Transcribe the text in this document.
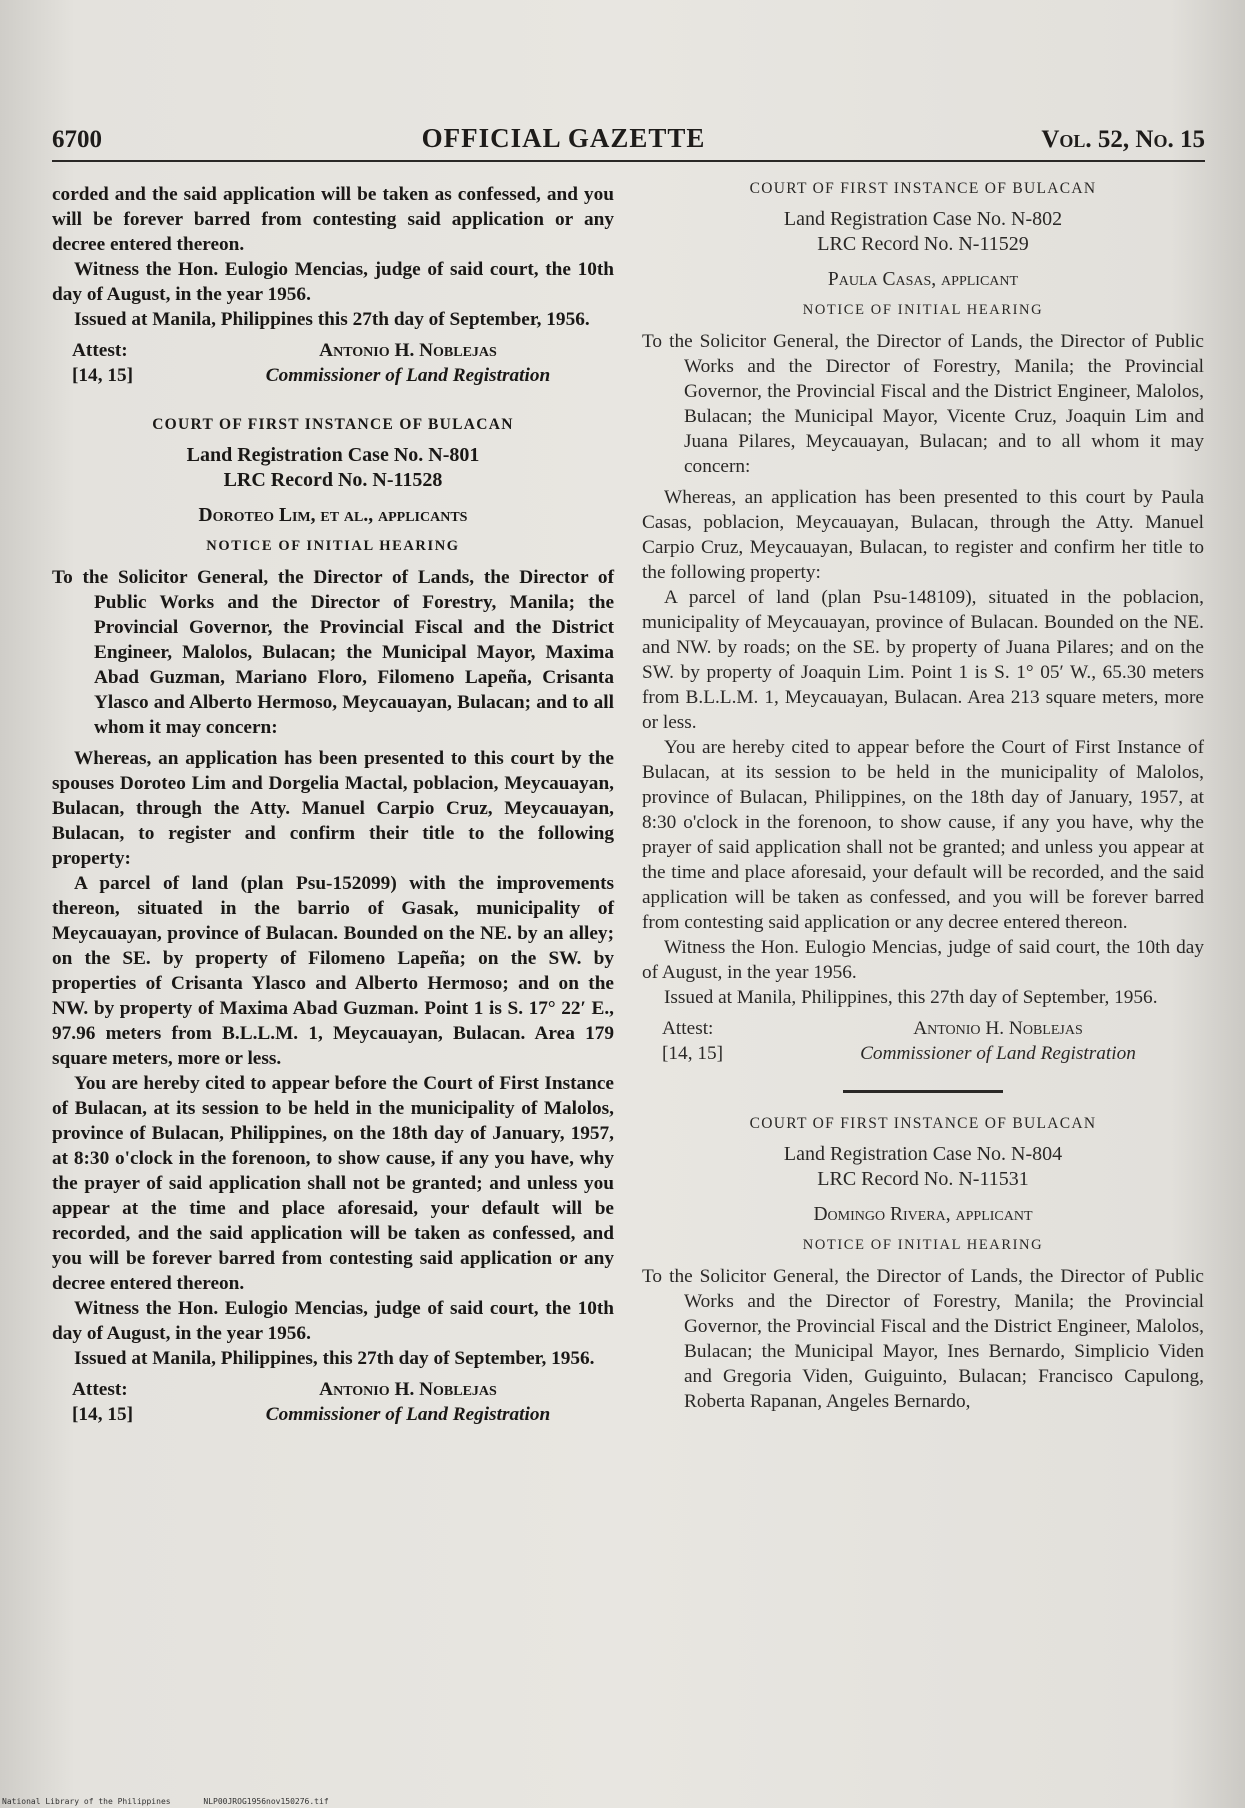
6700	OFFICIAL GAZETTE	Vol. 52, No. 15

corded and the said application will be taken as confessed, and you will be forever barred from contesting said application or any decree entered thereon.

Witness the Hon. Eulogio Mencias, judge of said court, the 10th day of August, in the year 1956.

Issued at Manila, Philippines this 27th day of September, 1956.

Attest:
[14, 15]
Antonio H. Noblejas
Commissioner of Land Registration
COURT OF FIRST INSTANCE OF BULACAN
Land Registration Case No. N-801
LRC Record No. N-11528
Doroteo Lim, et al., applicants
NOTICE OF INITIAL HEARING

To the Solicitor General, the Director of Lands, the Director of Public Works and the Director of Forestry, Manila; the Provincial Governor, the Provincial Fiscal and the District Engineer, Malolos, Bulacan; the Municipal Mayor, Maxima Abad Guzman, Mariano Floro, Filomeno Lapeña, Crisanta Ylasco and Alberto Hermoso, Meycauayan, Bulacan; and to all whom it may concern:

Whereas, an application has been presented to this court by the spouses Doroteo Lim and Dorgelia Mactal, poblacion, Meycauayan, Bulacan, through the Atty. Manuel Carpio Cruz, Meycauayan, Bulacan, to register and confirm their title to the following property:

A parcel of land (plan Psu-152099) with the improvements thereon, situated in the barrio of Gasak, municipality of Meycauayan, province of Bulacan. Bounded on the NE. by an alley; on the SE. by property of Filomeno Lapeña; on the SW. by properties of Crisanta Ylasco and Alberto Hermoso; and on the NW. by property of Maxima Abad Guzman. Point 1 is S. 17° 22′ E., 97.96 meters from B.L.L.M. 1, Meycauayan, Bulacan. Area 179 square meters, more or less.

You are hereby cited to appear before the Court of First Instance of Bulacan, at its session to be held in the municipality of Malolos, province of Bulacan, Philippines, on the 18th day of January, 1957, at 8:30 o'clock in the forenoon, to show cause, if any you have, why the prayer of said application shall not be granted; and unless you appear at the time and place aforesaid, your default will be recorded, and the said application will be taken as confessed, and you will be forever barred from contesting said application or any decree entered thereon.

Witness the Hon. Eulogio Mencias, judge of said court, the 10th day of August, in the year 1956.

Issued at Manila, Philippines, this 27th day of September, 1956.

Attest:
[14, 15]
Antonio H. Noblejas
Commissioner of Land Registration
COURT OF FIRST INSTANCE OF BULACAN
Land Registration Case No. N-802
LRC Record No. N-11529
Paula Casas, applicant
NOTICE OF INITIAL HEARING

To the Solicitor General, the Director of Lands, the Director of Public Works and the Director of Forestry, Manila; the Provincial Governor, the Provincial Fiscal and the District Engineer, Malolos, Bulacan; the Municipal Mayor, Vicente Cruz, Joaquin Lim and Juana Pilares, Meycauayan, Bulacan; and to all whom it may concern:

Whereas, an application has been presented to this court by Paula Casas, poblacion, Meycauayan, Bulacan, through the Atty. Manuel Carpio Cruz, Meycauayan, Bulacan, to register and confirm her title to the following property:

A parcel of land (plan Psu-148109), situated in the poblacion, municipality of Meycauayan, province of Bulacan. Bounded on the NE. and NW. by roads; on the SE. by property of Juana Pilares; and on the SW. by property of Joaquin Lim. Point 1 is S. 1° 05′ W., 65.30 meters from B.L.L.M. 1, Meycauayan, Bulacan. Area 213 square meters, more or less.

You are hereby cited to appear before the Court of First Instance of Bulacan, at its session to be held in the municipality of Malolos, province of Bulacan, Philippines, on the 18th day of January, 1957, at 8:30 o'clock in the forenoon, to show cause, if any you have, why the prayer of said application shall not be granted; and unless you appear at the time and place aforesaid, your default will be recorded, and the said application will be taken as confessed, and you will be forever barred from contesting said application or any decree entered thereon.

Witness the Hon. Eulogio Mencias, judge of said court, the 10th day of August, in the year 1956.

Issued at Manila, Philippines, this 27th day of September, 1956.

Attest:
[14, 15]
Antonio H. Noblejas
Commissioner of Land Registration
COURT OF FIRST INSTANCE OF BULACAN
Land Registration Case No. N-804
LRC Record No. N-11531
Domingo Rivera, applicant
NOTICE OF INITIAL HEARING

To the Solicitor General, the Director of Lands, the Director of Public Works and the Director of Forestry, Manila; the Provincial Governor, the Provincial Fiscal and the District Engineer, Malolos, Bulacan; the Municipal Mayor, Ines Bernardo, Simplicio Viden and Gregoria Viden, Guiguinto, Bulacan; Francisco Capulong, Roberta Rapanan, Angeles Bernardo,

National Library of the Philippines	NLP00JROG1956nov150276.tif
